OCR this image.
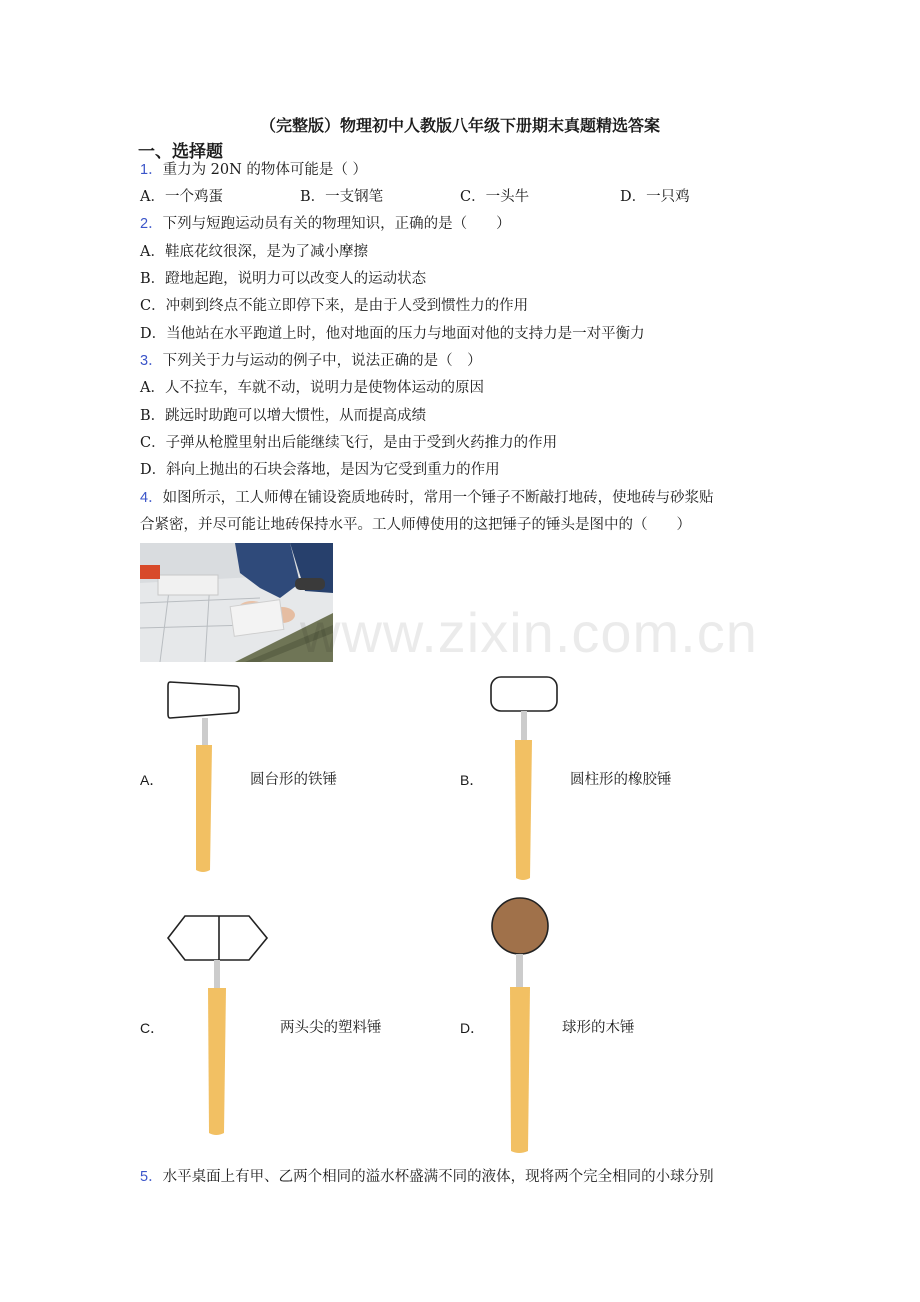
（完整版）物理初中人教版八年级下册期末真题精选答案
一、选择题
1．重力为 20N 的物体可能是（ ）
A．一个鸡蛋	B．一支钢笔	C．一头牛	D．一只鸡
2．下列与短跑运动员有关的物理知识，正确的是（　　）
A．鞋底花纹很深，是为了减小摩擦
B．蹬地起跑，说明力可以改变人的运动状态
C．冲刺到终点不能立即停下来，是由于人受到惯性力的作用
D．当他站在水平跑道上时，他对地面的压力与地面对他的支持力是一对平衡力
3．下列关于力与运动的例子中，说法正确的是（　）
A．人不拉车，车就不动，说明力是使物体运动的原因
B．跳远时助跑可以增大惯性，从而提高成绩
C．子弹从枪膛里射出后能继续飞行，是由于受到火药推力的作用
D．斜向上抛出的石块会落地，是因为它受到重力的作用
4．如图所示，工人师傅在铺设瓷质地砖时，常用一个锤子不断敲打地砖，使地砖与砂浆贴
合紧密，并尽可能让地砖保持水平。工人师傅使用的这把锤子的锤头是图中的（　　）
www.zixin.com.cn
A．	圆台形的铁锤	B．	圆柱形的橡胶锤
C．	两头尖的塑料锤	D．	球形的木锤
5．水平桌面上有甲、乙两个相同的溢水杯盛满不同的液体，现将两个完全相同的小球分别
